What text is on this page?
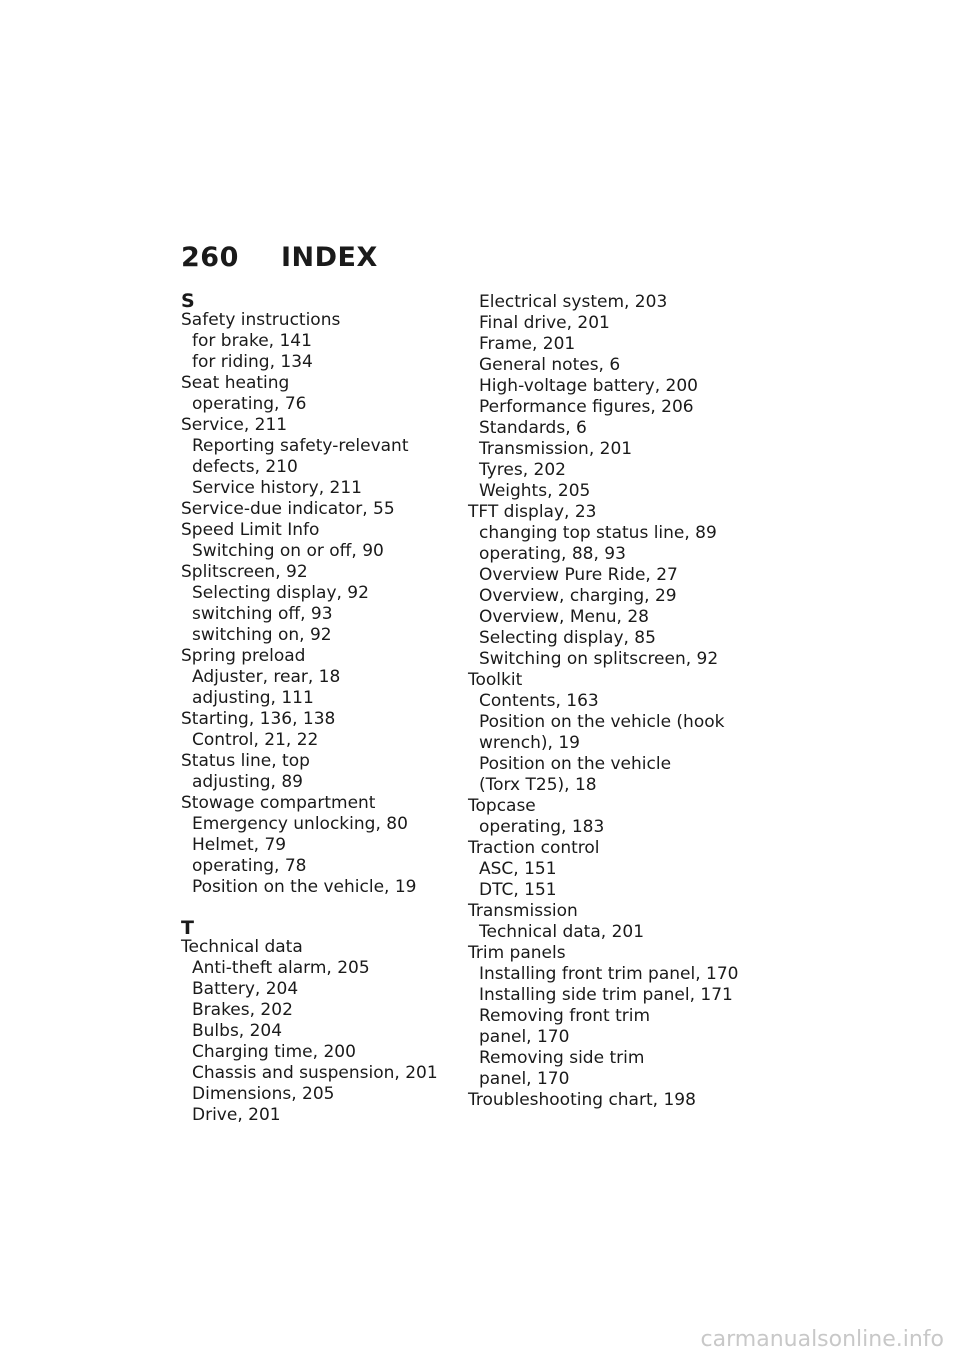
260	INDEX
S
Safety instructions
for brake, 141
for riding, 134
Seat heating
operating, 76
Service, 211
Reporting safety-relevant
defects, 210
Service history, 211
Service-due indicator, 55
Speed Limit Info
Switching on or off, 90
Splitscreen, 92
Selecting display, 92
switching off, 93
switching on, 92
Spring preload
Adjuster, rear, 18
adjusting, 111
Starting, 136, 138
Control, 21, 22
Status line, top
adjusting, 89
Stowage compartment
Emergency unlocking, 80
Helmet, 79
operating, 78
Position on the vehicle, 19
T
Technical data
Anti-theft alarm, 205
Battery, 204
Brakes, 202
Bulbs, 204
Charging time, 200
Chassis and suspension, 201
Dimensions, 205
Drive, 201
Electrical system, 203
Final drive, 201
Frame, 201
General notes, 6
High-voltage battery, 200
Performance figures, 206
Standards, 6
Transmission, 201
Tyres, 202
Weights, 205
TFT display, 23
changing top status line, 89
operating, 88, 93
Overview Pure Ride, 27
Overview, charging, 29
Overview, Menu, 28
Selecting display, 85
Switching on splitscreen, 92
Toolkit
Contents, 163
Position on the vehicle (hook
wrench), 19
Position on the vehicle
(Torx T25), 18
Topcase
operating, 183
Traction control
ASC, 151
DTC, 151
Transmission
Technical data, 201
Trim panels
Installing front trim panel, 170
Installing side trim panel, 171
Removing front trim
panel, 170
Removing side trim
panel, 170
Troubleshooting chart, 198
carmanualsonline.info
